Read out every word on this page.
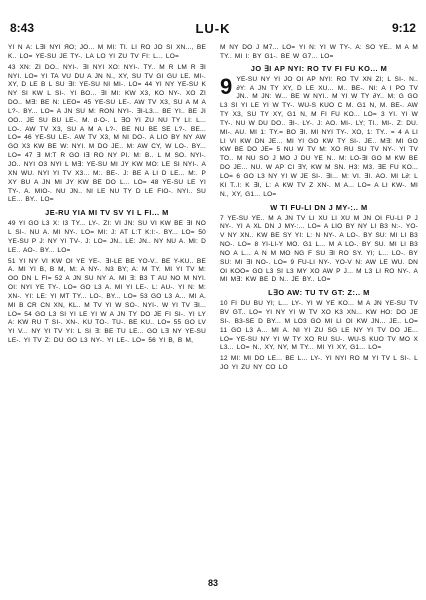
8:43	LU-K	9:12

YI N A: L∃I NYI ЯO; JO... M MI: TI. LI RO JO SI XN..., BE K.. LO= YE-SU JE TY-. LA LO YI ZU TV FI: L... LO=

43 XN: ZI DO.. NYI-. ∃I NYI XO: NYI-. TY.. M R LM R ∃I NYI. LO= YI TA VU DU A JN N., XY, SU TV GI GU LE. MI-. XY, D LE B L SU ∃I: YE-SU NI MI-. LO= 44 YI NY YE-SU K NY SI KW L SI-. YI BO... ∃I MI: KW X3, KO NY-. XO ZI DO.. M∃: BE N: LEO= 45 YE-SU LE-. AW TV X3, SU A M A L?-. BY... LO= A JN SU M: RON NYI-. ∃I-L3... BE YI.. BE JI OO.. JE SU BU LE-. M. d·O-. L ∃O YI ZU NU TY LI: L... LO-. AW TV X3, SU A M A L?-. BE NU BE SE L?-. BE... LO= 46 YE-SU LE-. AW TV X3, M NI DO-. A LIO BY NY AW GO X3 KW BE W: NYI. M DO JE.. M: AW CY, W LO-. BY... LO= 47 ∃ M:T R GO I∃ RO NY PI. M: B.. L M SO. NYI-. JO.. NYI O3 NYI L M∃: YE-SU MI JY KW MO: LE SI NYI-. A XN WU. NYI YI TV X3... M:. BE-. J: BE A LI D LE... M:. P XY BU A JN MI JY KW BE DO L... LO= 48 YE-SU LE YI TY-. A. MIO-. NU JN.. NI LE NU TY D LE FIO-. NYI.. SU LE... BY.. LO=

JE-RU YIA MI TV SV YI L FI... M

49 YI GO L3 X: I3 TY... LY-. ZI: VI JN: SU VI KW BE ∃I NO L SI-. NU A. MI NY-. LO= MI: J: AT L:T K:I:-. BY... LO= 50 YE-SU P J: NY YI TV-. J: LO= JN.. LE: JN.. NY NU A. MI: D LE.. AO-. BY... LO=

51 YI NY VI KW OI YE YE-. ∃I-LE BE YO-V.. BE Y-KU.. BE A. MI YI B, B M, M: A NY-. N3 BY; A: M TY. MI YI TV M: OO DN L FI= 52 A JN SU NY A. MI ∃: B3 T AU NO M NYI. OI: NYI YE TY-. LO= GO L3 A. MI YI LE-. L: AU-. YI N: M: XN-. YI: LE: YI MT TY... LO-. BY... LO= 53 GO L3 A... MI A. MI B CR CN XN, KL.. M TV YI W SO-. NYI-. W YI TV ∃I... LO= 54 GO L3 SI YI LE YI W A JN TY DO JE FI SI-. YI LY A: KW RU T SI-. XN-. KU TO-. TU-. BE KU.. LO= 55 GO LV YI V... NY YI TV YI: L SI ∃: BE TU LE... GO L∃ NY YE-SU LE-. YI TV Z: DU GO L3 NY-. YI LE-. LO= 56 YI B, B M,

M NY DO J M7... LO= YI N: YI W TY-. A: SO YE.. M A M TY.. MI I: BY G1-. BE W G7... LO=

JO ∃I AP NYI: RO TV FI FU KO... M

9 YE-SU NY YI JO OI AP NYI: RO TV XN ZI; L SI-. N.. ∂Y: A JN TY XY, D LE XU... M.. BE-. NI: A I PO TV JN.. M JN: W... BE W NYI.. M YI W TY ∂Y.. M: G GO L3 SI YI LE YI W TY-. WU-S KUO C M. G1 N, M. BE-. AW TY X3, SU TY XY, G1 N, M FI FU KO... LO= 3 YI. YI W TY-. NU W DU DO.. ∃I-. LY-. J: AO. MI-. LY; TI.. MI-. Z: DU. MI-. AU. MI 1: TY.= BO ∃I. MI NYI TY-. XO, 1: TY.. = 4 A LI LI VI KW DN JE... MI YI GO KW TY SI-. JE.. M∃: MI GO KW BE DO JE= 5 NU W TV M: XO RU SU TV NY-. YI TV TO.. M NU SO J MO J DU YE N.. M: LO-∃I GO M KW BE DO JE... NU. W AP CI ∃Y, KW M SN. H3: M3. ∃E FU KO... LO= 6 GO L3 NY YI W JE SI-. ∃I... M: VI. ∃I. AO. MI L∂: L KI T..I: K ∃I, L: A KW TV Z XN-. M A... LO= A LI KW-. MI N., XY, G1... LO=

W TI FU-LI DN J MY-:.. M

7 YE-SU YE.. M A JN TV LI XU LI XU M JN OI FU-LI P J NY-. YI A XL DN J MY-:... LO= A LIO BY NY LI B3 N:-. YO-V NY XN.. KW BE SY YI: L: N NY-. A LO-. BY SU: MI LI B3 NO-. LO= 8 YI-LI-Y MO. G1 L... M A LO-. BY SU. MI LI B3 NO A L... A N M MO NG F SU ∃I RO SY. YI; L... LO-. BY SU: MI ∃I NO-. LO= 9 FU-LI NY-. YO-V N: AW LE WU. DN OI KOO= GO L3 SI L3 MY XO AW P J... M L3 LI RO NY-. A MI M∃: KW BE D N.. JE BY.. LO=

L∃O AW: TU TV GT: Z:.. M

10 FI DU BU YI; L... LY-. YI W YE KO... M A JN YE-SU TV BV GT.. LO= YI NY YI W TV XO K3 XN... KW HO: DO JE SI-. B3-SE D BY... M LO3 GO MI LI OI KW JN... JE.. LO= 11 GO L3 A... MI A. NI YI ZU SG LE NY YI TV DO JE... LO= YE-SU NY YI W TY XO RU SU-. WU-S KUO TV MO X L3... LO= N., XY, NY, M TY... MI YI XY, G1... LO=

12 MI: MI DO LE... BE L... LY-. YI NYI RO M YI TV L SI-. L JO YI ZU NY CO LO

83
